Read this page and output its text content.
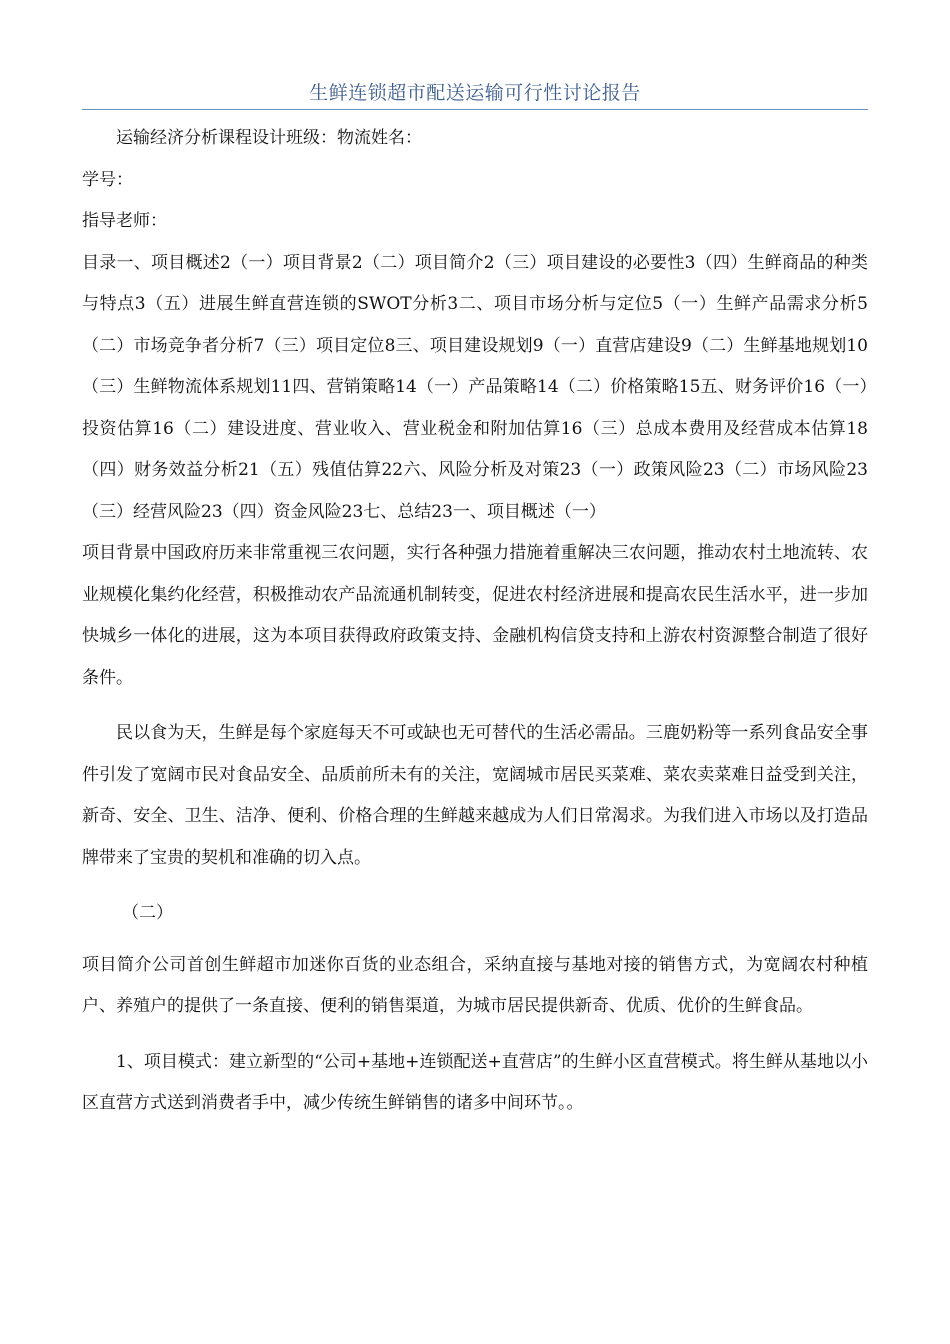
生鲜连锁超市配送运输可行性讨论报告

运输经济分析课程设计班级：物流姓名：

学号：

指导老师：

目录一、项目概述2（一）项目背景2（二）项目简介2（三）项目建设的必要性3（四）生鲜商品的种类与特点3（五）进展生鲜直营连锁的SWOT分析3二、项目市场分析与定位5（一）生鲜产品需求分析5（二）市场竞争者分析7（三）项目定位8三、项目建设规划9（一）直营店建设9（二）生鲜基地规划10（三）生鲜物流体系规划11四、营销策略14（一）产品策略14（二）价格策略15五、财务评价16（一）投资估算16（二）建设进度、营业收入、营业税金和附加估算16（三）总成本费用及经营成本估算18（四）财务效益分析21（五）残值估算22六、风险分析及对策23（一）政策风险23（二）市场风险23（三）经营风险23（四）资金风险23七、总结23一、项目概述（一）

项目背景中国政府历来非常重视三农问题，实行各种强力措施着重解决三农问题，推动农村土地流转、农业规模化集约化经营，积极推动农产品流通机制转变，促进农村经济进展和提高农民生活水平，进一步加快城乡一体化的进展，这为本项目获得政府政策支持、金融机构信贷支持和上游农村资源整合制造了很好条件。

民以食为天，生鲜是每个家庭每天不可或缺也无可替代的生活必需品。三鹿奶粉等一系列食品安全事件引发了宽阔市民对食品安全、品质前所未有的关注，宽阔城市居民买菜难、菜农卖菜难日益受到关注，新奇、安全、卫生、洁净、便利、价格合理的生鲜越来越成为人们日常渴求。为我们进入市场以及打造品牌带来了宝贵的契机和准确的切入点。

（二）

项目简介公司首创生鲜超市加迷你百货的业态组合，采纳直接与基地对接的销售方式，为宽阔农村种植户、养殖户的提供了一条直接、便利的销售渠道，为城市居民提供新奇、优质、优价的生鲜食品。

1、项目模式：建立新型的“公司+基地+连锁配送+直营店”的生鲜小区直营模式。将生鲜从基地以小区直营方式送到消费者手中，减少传统生鲜销售的诸多中间环节。。
